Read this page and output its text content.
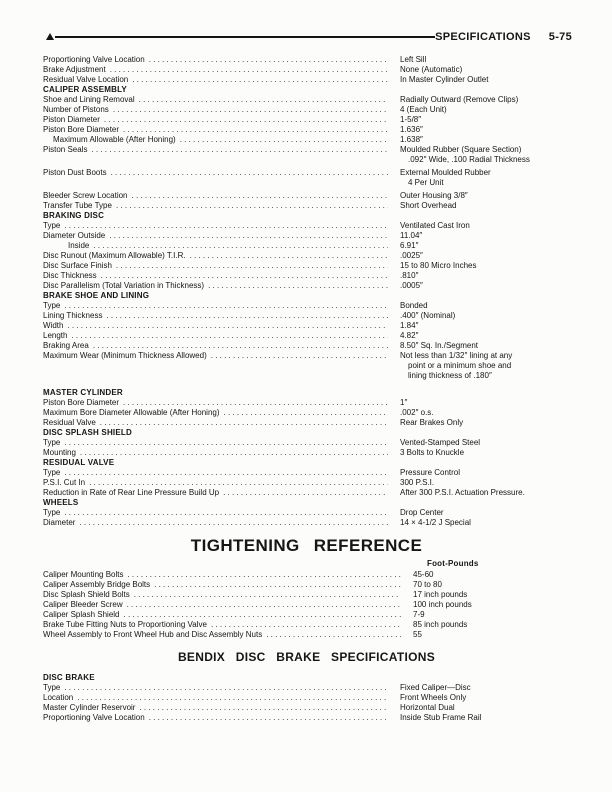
SPECIFICATIONS 5-75
Proportioning Valve Location . . .	Left Sill
Brake Adjustment . . .	None (Automatic)
Residual Valve Location . . .	In Master Cylinder Outlet
CALIPER ASSEMBLY
Shoe and Lining Removal . . .	Radially Outward (Remove Clips)
Number of Pistons . . .	4 (Each Unit)
Piston Diameter . . .	1-5/8″
Piston Bore Diameter . . .	1.636″
Maximum Allowable (After Honing) . . .	1.638″
Piston Seals . . .	Moulded Rubber (Square Section)
.092″ Wide, .100 Radial Thickness
Piston Dust Boots . . .	External Moulded Rubber
4 Per Unit
Bleeder Screw Location . . .	Outer Housing 3/8″
Transfer Tube Type . . .	Short Overhead
BRAKING DISC
Type . . .	Ventilated Cast Iron
Diameter Outside . . .	11.04″
Inside . . .	6.91″
Disc Runout (Maximum Allowable) T.I.R. . . .	.0025″
Disc Surface Finish . . .	15 to 80 Micro Inches
Disc Thickness . . .	.810″
Disc Parallelism (Total Variation in Thickness) . . .	.0005″
BRAKE SHOE AND LINING
Type . . .	Bonded
Lining Thickness . . .	.400″ (Nominal)
Width . . .	1.84″
Length . . .	4.82″
Braking Area . . .	8.50″ Sq. In./Segment
Maximum Wear (Minimum Thickness Allowed) . . .	Not less than 1/32″ lining at any
point or a minimum shoe and
lining thickness of .180″
MASTER CYLINDER
Piston Bore Diameter . . .	1″
Maximum Bore Diameter Allowable (After Honing) . . .	.002″ o.s.
Residual Valve . . .	Rear Brakes Only
DISC SPLASH SHIELD
Type . . .	Vented-Stamped Steel
Mounting . . .	3 Bolts to Knuckle
RESIDUAL VALVE
Type . . .	Pressure Control
P.S.I. Cut In . . .	300 P.S.I.
Reduction in Rate of Rear Line Pressure Build Up . . .	After 300 P.S.I. Actuation Pressure.
WHEELS
Type . . .	Drop Center
Diameter . . .	14 × 4-1/2 J Special
TIGHTENING REFERENCE
Foot-Pounds
Caliper Mounting Bolts . . .	45-60
Caliper Assembly Bridge Bolts . . .	70 to 80
Disc Splash Shield Bolts . . .	17 inch pounds
Caliper Bleeder Screw . . .	100 inch pounds
Caliper Splash Shield . . .	7-9
Brake Tube Fitting Nuts to Proportioning Valve . . .	85 inch pounds
Wheel Assembly to Front Wheel Hub and Disc Assembly Nuts . . .	55
BENDIX DISC BRAKE SPECIFICATIONS
DISC BRAKE
Type . . .	Fixed Caliper—Disc
Location . . .	Front Wheels Only
Master Cylinder Reservoir . . .	Horizontal Dual
Proportioning Valve Location . . .	Inside Stub Frame Rail
